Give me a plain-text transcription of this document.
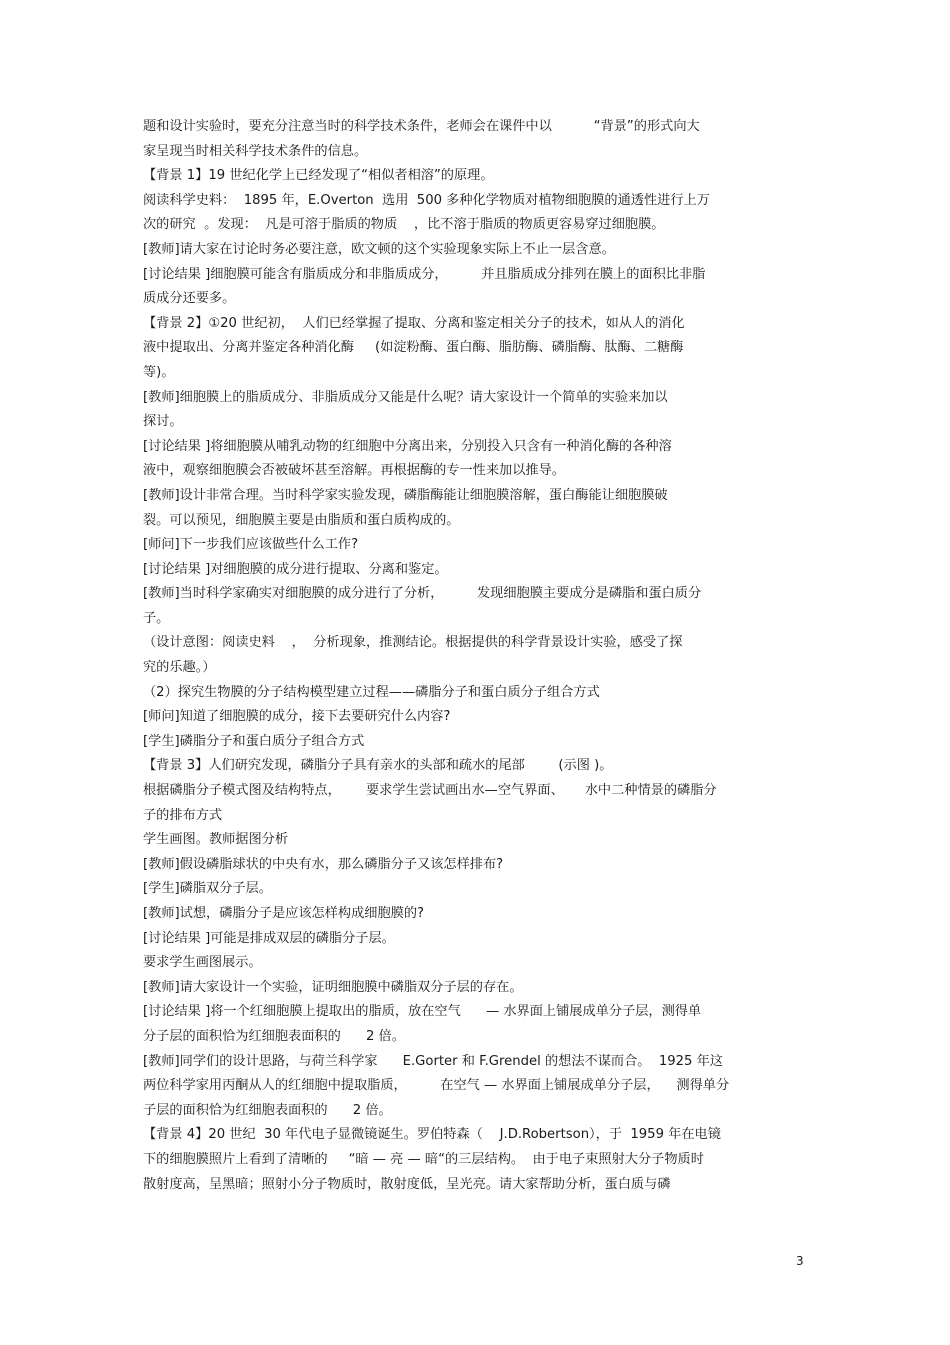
题和设计实验时，要充分注意当时的科学技术条件，老师会在课件中以          “背景”的形式向大
家呈现当时相关科学技术条件的信息。
【背景 1】19 世纪化学上已经发现了“相似者相溶”的原理。
阅读科学史料：  1895 年，E.Overton  选用  500 多种化学物质对植物细胞膜的通透性进行上万
次的研究  。发现：  凡是可溶于脂质的物质    ，比不溶于脂质的物质更容易穿过细胞膜。
[教师]请大家在讨论时务必要注意，欧文顿的这个实验现象实际上不止一层含意。
[讨论结果 ]细胞膜可能含有脂质成分和非脂质成分，        并且脂质成分排列在膜上的面积比非脂
质成分还要多。
【背景 2】①20 世纪初，  人们已经掌握了提取、分离和鉴定相关分子的技术，如从人的消化
液中提取出、分离并鉴定各种消化酶     (如淀粉酶、蛋白酶、脂肪酶、磷脂酶、肽酶、二糖酶
等)。
[教师]细胞膜上的脂质成分、非脂质成分又能是什么呢？请大家设计一个简单的实验来加以
探讨。
[讨论结果 ]将细胞膜从哺乳动物的红细胞中分离出来，分别投入只含有一种消化酶的各种溶
液中，观察细胞膜会否被破坏甚至溶解。再根据酶的专一性来加以推导。
[教师]设计非常合理。当时科学家实验发现，磷脂酶能让细胞膜溶解，蛋白酶能让细胞膜破
裂。可以预见，细胞膜主要是由脂质和蛋白质构成的。
[师问]下一步我们应该做些什么工作?
[讨论结果 ]对细胞膜的成分进行提取、分离和鉴定。
[教师]当时科学家确实对细胞膜的成分进行了分析，        发现细胞膜主要成分是磷脂和蛋白质分
子。
（设计意图：阅读史料    ，  分析现象，推测结论。根据提供的科学背景设计实验，感受了探
究的乐趣。）
（2）探究生物膜的分子结构模型建立过程——磷脂分子和蛋白质分子组合方式
[师问]知道了细胞膜的成分，接下去要研究什么内容?
[学生]磷脂分子和蛋白质分子组合方式
【背景 3】人们研究发现，磷脂分子具有亲水的头部和疏水的尾部        (示图 )。
根据磷脂分子模式图及结构特点，      要求学生尝试画出水—空气界面、     水中二种情景的磷脂分
子的排布方式
学生画图。教师据图分析
[教师]假设磷脂球状的中央有水，那么磷脂分子又该怎样排布?
[学生]磷脂双分子层。
[教师]试想，磷脂分子是应该怎样构成细胞膜的?
[讨论结果 ]可能是排成双层的磷脂分子层。
要求学生画图展示。
[教师]请大家设计一个实验，证明细胞膜中磷脂双分子层的存在。
[讨论结果 ]将一个红细胞膜上提取出的脂质，放在空气      — 水界面上铺展成单分子层，测得单
分子层的面积恰为红细胞表面积的      2 倍。
[教师]同学们的设计思路，与荷兰科学家      E.Gorter 和 F.Grendel 的想法不谋而合。  1925 年这
两位科学家用丙酮从人的红细胞中提取脂质，        在空气 — 水界面上铺展成单分子层，    测得单分
子层的面积恰为红细胞表面积的      2 倍。
【背景 4】20 世纪  30 年代电子显微镜诞生。罗伯特森（    J.D.Robertson），于  1959 年在电镜
下的细胞膜照片上看到了清晰的     “暗 — 亮 — 暗“的三层结构。  由于电子束照射大分子物质时
散射度高，呈黑暗；照射小分子物质时，散射度低，呈光亮。请大家帮助分析，蛋白质与磷
3
